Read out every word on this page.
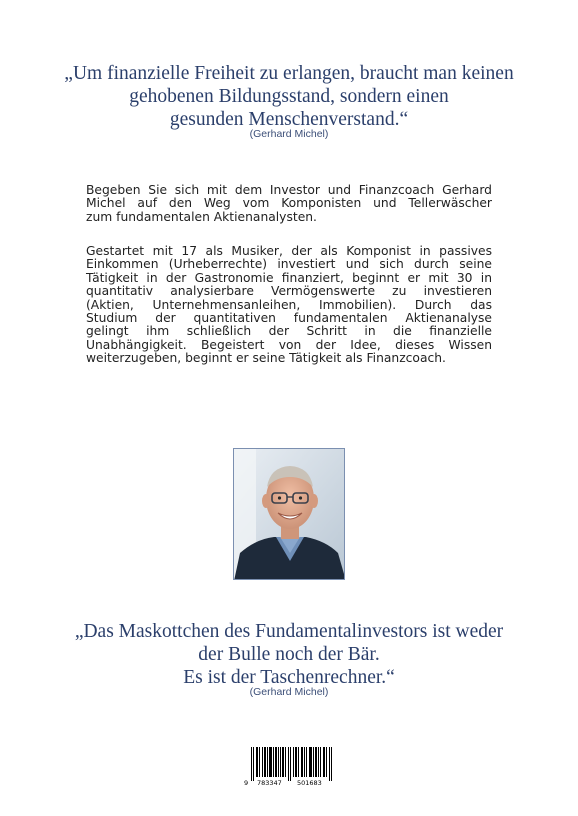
„Um finanzielle Freiheit zu erlangen, braucht man keinen
gehobenen Bildungsstand, sondern einen
gesunden Menschenverstand.“
(Gerhard Michel)
Begeben Sie sich mit dem Investor und Finanzcoach Gerhard
Michel auf den Weg vom Komponisten und Tellerwäscher
zum fundamentalen Aktienanalysten.
Gestartet mit 17 als Musiker, der als Komponist in passives
Einkommen (Urheberrechte) investiert und sich durch seine
Tätigkeit in der Gastronomie finanziert, beginnt er mit 30 in
quantitativ analysierbare Vermögenswerte zu investieren
(Aktien, Unternehmensanleihen, Immobilien). Durch das
Studium der quantitativen fundamentalen Aktienanalyse
gelingt ihm schließlich der Schritt in die finanzielle
Unabhängigkeit. Begeistert von der Idee, dieses Wissen
weiterzugeben, beginnt er seine Tätigkeit als Finanzcoach.
„Das Maskottchen des Fundamentalinvestors ist weder
der Bulle noch der Bär.
Es ist der Taschenrechner.“
(Gerhard Michel)
9 783347 501683
